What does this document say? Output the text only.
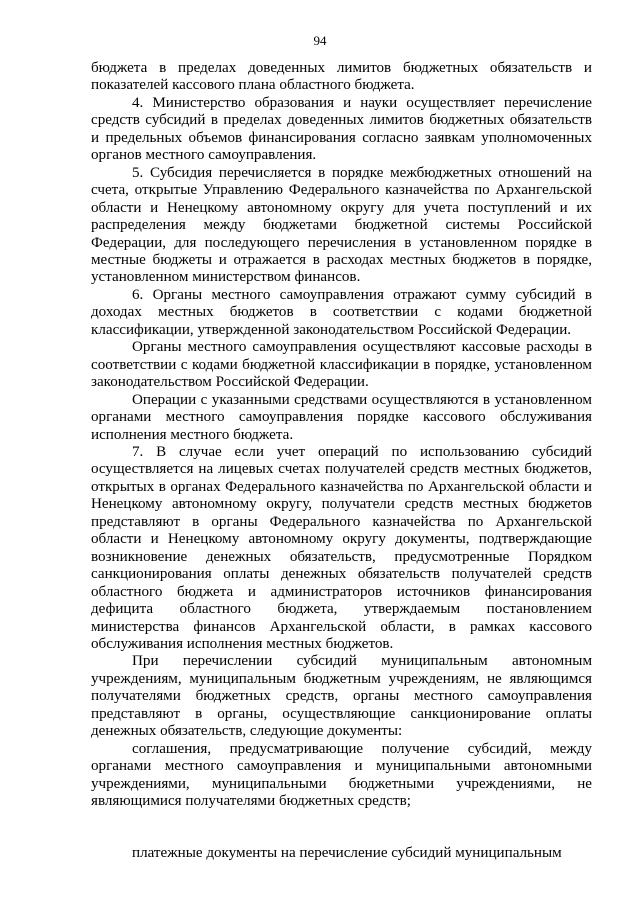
94

бюджета в пределах доведенных лимитов бюджетных обязательств и показателей кассового плана областного бюджета.

4. Министерство образования и науки осуществляет перечисление средств субсидий в пределах доведенных лимитов бюджетных обязательств и предельных объемов финансирования согласно заявкам уполномоченных органов местного самоуправления.

5. Субсидия перечисляется в порядке межбюджетных отношений на счета, открытые Управлению Федерального казначейства по Архангельской области и Ненецкому автономному округу для учета поступлений и их распределения между бюджетами бюджетной системы Российской Федерации, для последующего перечисления в установленном порядке в местные бюджеты и отражается в расходах местных бюджетов в порядке, установленном министерством финансов.

6. Органы местного самоуправления отражают сумму субсидий в доходах местных бюджетов в соответствии с кодами бюджетной классификации, утвержденной законодательством Российской Федерации.

Органы местного самоуправления осуществляют кассовые расходы в соответствии с кодами бюджетной классификации в порядке, установленном законодательством Российской Федерации.

Операции с указанными средствами осуществляются в установленном органами местного самоуправления порядке кассового обслуживания исполнения местного бюджета.

7. В случае если учет операций по использованию субсидий осуществляется на лицевых счетах получателей средств местных бюджетов, открытых в органах Федерального казначейства по Архангельской области и Ненецкому автономному округу, получатели средств местных бюджетов представляют в органы Федерального казначейства по Архангельской области и Ненецкому автономному округу документы, подтверждающие возникновение денежных обязательств, предусмотренные Порядком санкционирования оплаты денежных обязательств получателей средств областного бюджета и администраторов источников финансирования дефицита областного бюджета, утверждаемым постановлением министерства финансов Архангельской области, в рамках кассового обслуживания исполнения местных бюджетов.

При перечислении субсидий муниципальным автономным учреждениям, муниципальным бюджетным учреждениям, не являющимся получателями бюджетных средств, органы местного самоуправления представляют в органы, осуществляющие санкционирование оплаты денежных обязательств, следующие документы:

соглашения, предусматривающие получение субсидий, между органами местного самоуправления и муниципальными автономными учреждениями, муниципальными бюджетными учреждениями, не являющимися получателями бюджетных средств;

платежные документы на перечисление субсидий муниципальным
